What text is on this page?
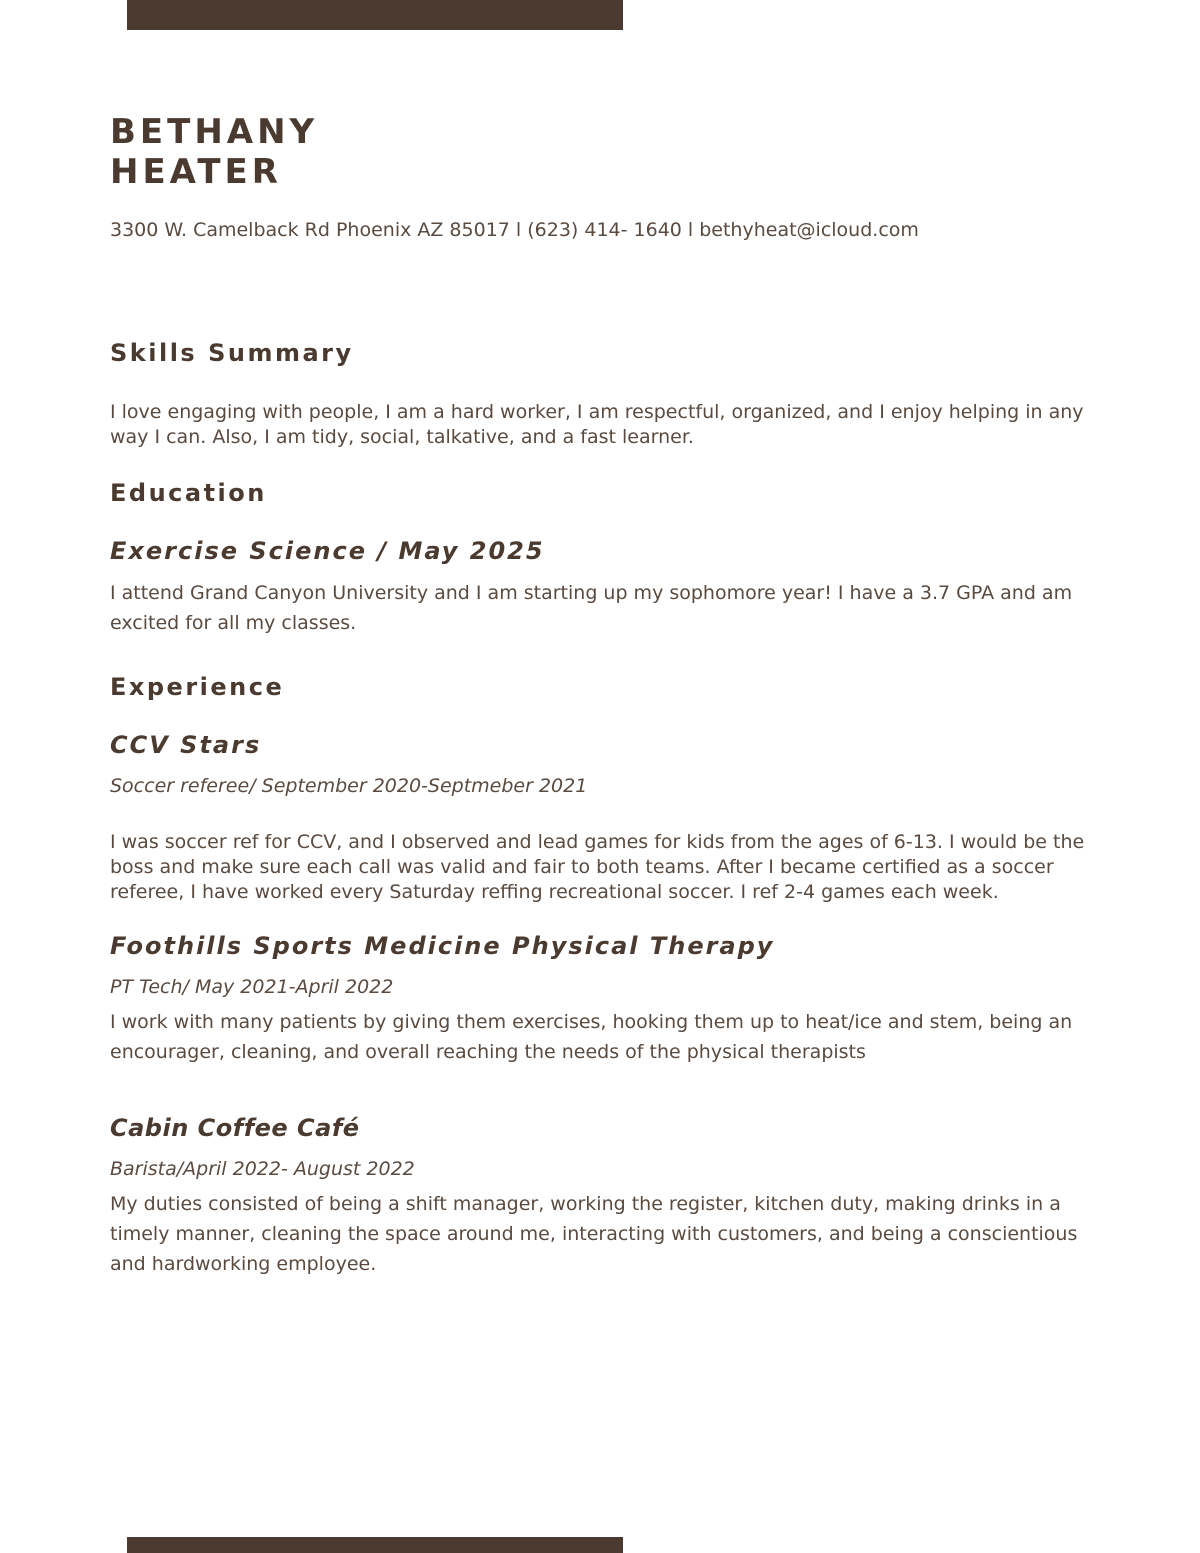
BETHANY
HEATER
3300 W. Camelback Rd Phoenix AZ 85017 l (623) 414- 1640 l bethyheat@icloud.com
Skills Summary

I love engaging with people, I am a hard worker, I am respectful, organized, and I enjoy helping in any way I can. Also, I am tidy, social, talkative, and a fast learner.

Education
Exercise Science / May 2025

I attend Grand Canyon University and I am starting up my sophomore year! I have a 3.7 GPA and am excited for all my classes.

Experience
CCV Stars

Soccer referee/ September 2020-Septmeber 2021

I was soccer ref for CCV, and I observed and lead games for kids from the ages of 6-13. I would be the boss and make sure each call was valid and fair to both teams. After I became certified as a soccer referee, I have worked every Saturday reffing recreational soccer. I ref 2-4 games each week.

Foothills Sports Medicine Physical Therapy

PT Tech/ May 2021-April 2022

I work with many patients by giving them exercises, hooking them up to heat/ice and stem, being an encourager, cleaning, and overall reaching the needs of the physical therapists

Cabin Coffee Café

Barista/April 2022- August 2022

My duties consisted of being a shift manager, working the register, kitchen duty, making drinks in a timely manner, cleaning the space around me, interacting with customers, and being a conscientious and hardworking employee.
